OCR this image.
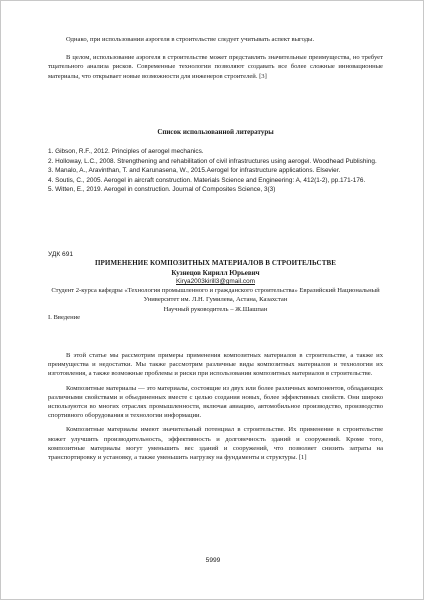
Однако, при использовании аэрогеля в строительстве следует учитывать аспект выгоды.

В целом, использование аэрогеля в строительстве может представлять значительные преимущества, но требует тщательного анализа рисков. Современные технологии позволяют создавать все более сложные инновационные материалы, что открывает новые возможности для инженеров строителей. [3]

Список использованной литературы

1. Gibson, R.F., 2012. Principles of aerogel mechanics.
2. Holloway, L.C., 2008. Strengthening and rehabilitation of civil infrastructures using aerogel. Woodhead Publishing.
3. Manalo, A., Aravinthan, T. and Karunasena, W., 2015.Aerogel for infrastructure applications. Elsevier.
4. Soutis, C., 2005. Aerogel in aircraft construction. Materials Science and Engineering: A, 412(1-2), pp.171-176.
5. Witten, E., 2019. Aerogel in construction. Journal of Composites Science, 3(3)

УДК 691

ПРИМЕНЕНИЕ КОМПОЗИТНЫХ МАТЕРИАЛОВ В СТРОИТЕЛЬСТВЕ

Кузнецов Кирилл Юрьевич

Kirya2003kirill3@gmail.com

Студент 2-курса кафедры «Технология промышленного и гражданского строительства» Евразийский Национальный Университет им. Л.Н. Гумилева, Астана, Казахстан

Научный руководитель – Ж.Шашпан

I. Введение

В этой статье мы рассмотрим примеры применения композитных материалов в строительстве, а также их преимущества и недостатки. Мы также рассмотрим различные виды композитных материалов и технологии их изготовления, а также возможные проблемы и риски при использовании композитных материалов в строительстве.

Композитные материалы — это материалы, состоящие из двух или более различных компонентов, обладающих различными свойствами и объединенных вместе с целью создания новых, более эффективных свойств. Они широко используются во многих отраслях промышленности, включая авиацию, автомобильное производство, производство спортивного оборудования и технологии информации.

Композитные материалы имеют значительный потенциал в строительстве. Их применение в строительстве может улучшить производительность, эффективность и долговечность зданий и сооружений. Кроме того, композитные материалы могут уменьшить вес зданий и сооружений, что позволяет снизить затраты на транспортировку и установку, а также уменьшить нагрузку на фундаменты и структуры. [1]

5999
